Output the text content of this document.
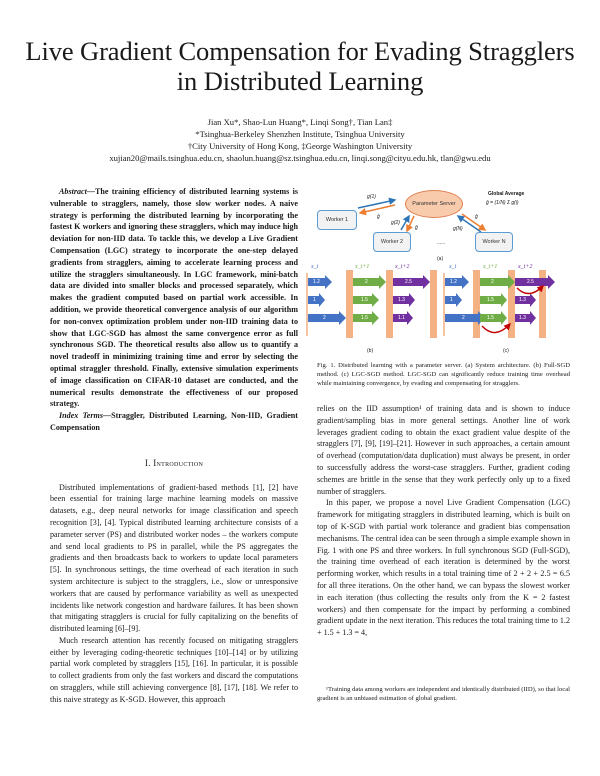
Live Gradient Compensation for Evading Stragglers
in Distributed Learning
Jian Xu*, Shao-Lun Huang*, Linqi Song†, Tian Lan‡
*Tsinghua-Berkeley Shenzhen Institute, Tsinghua University
†City University of Hong Kong, ‡George Washington University
xujian20@mails.tsinghua.edu.cn, shaolun.huang@sz.tsinghua.edu.cn, linqi.song@cityu.edu.hk, tlan@gwu.edu
Abstract—The training efficiency of distributed learning systems is vulnerable to stragglers, namely, those slow worker nodes. A naive strategy is performing the distributed learning by incorporating the fastest K workers and ignoring these stragglers, which may induce high deviation for non-IID data. To tackle this, we develop a Live Gradient Compensation (LGC) strategy to incorporate the one-step delayed gradients from stragglers, aiming to accelerate learning process and utilize the stragglers simultaneously. In LGC framework, mini-batch data are divided into smaller blocks and processed separately, which makes the gradient computed based on partial work accessible. In addition, we provide theoretical convergence analysis of our algorithm for non-convex optimization problem under non-IID training data to show that LGC-SGD has almost the same convergence error as full synchronous SGD. The theoretical results also allow us to quantify a novel tradeoff in minimizing training time and error by selecting the optimal straggler threshold. Finally, extensive simulation experiments of image classification on CIFAR-10 dataset are conducted, and the numerical results demonstrate the effectiveness of our proposed strategy.
Index Terms—Straggler, Distributed Learning, Non-IID, Gradient Compensation
I. Introduction

Distributed implementations of gradient-based methods [1], [2] have been essential for training large machine learning models on massive datasets, e.g., deep neural networks for image classification and speech recognition [3], [4]. Typical distributed learning architecture consists of a parameter server (PS) and distributed worker nodes – the workers compute and send local gradients to PS in parallel, while the PS aggregates the gradients and then broadcasts back to workers to update local parameters [5]. In synchronous settings, the time overhead of each iteration in such system architecture is subject to the stragglers, i.e., slow or unresponsive workers that are caused by performance variability as well as unexpected incidents like network congestion and hardware failures. It has been shown that mitigating stragglers is crucial for fully capitalizing on the benefits of distributed learning [6]–[9].

Much research attention has recently focused on mitigating stragglers either by leveraging coding-theoretic techniques [10]–[14] or by utilizing partial work completed by stragglers [15], [16]. In particular, it is possible to collect gradients from only the fast workers and discard the computations on stragglers, while still achieving convergence [8], [17], [18]. We refer to this naive strategy as K-SGD. However, this approach

Parameter Server
Worker 1
Worker 2	Worker N
......
Global Average
ĝ = (1/N) Σ g(i)
g(1)
ĝ
g(2)
ĝ	g(N)
ĝ
(a)
x_t	x_t+1	x_t+2
1.2
1
2
2
1.5
1.5
2.5
1.3
1.1
(b)
x_t	x_t+1	x_t+2
1.2
1
2
2
1.5
1.5
2.5
1.3
1.3
(c)
Fig. 1. Distributed learning with a parameter server. (a) System architecture. (b) Full-SGD method. (c) LGC-SGD method. LGC-SGD can significantly reduce training time overhead while maintaining convergence, by evading and compensating for stragglers.

relies on the IID assumption¹ of training data and is shown to induce gradient/sampling bias in more general settings. Another line of work leverages gradient coding to obtain the exact gradient value despite of the stragglers [7], [9], [19]–[21]. However in such approaches, a certain amount of overhead (computation/data duplication) must always be present, in order to successfully address the worst-case stragglers. Further, gradient coding schemes are brittle in the sense that they work perfectly only up to a fixed number of stragglers.

In this paper, we propose a novel Live Gradient Compensation (LGC) framework for mitigating stragglers in distributed learning, which is built on top of K-SGD with partial work tolerance and gradient bias compensation mechanisms. The central idea can be seen through a simple example shown in Fig. 1 with one PS and three workers. In full synchronous SGD (Full-SGD), the training time overhead of each iteration is determined by the worst performing worker, which results in a total training time of 2 + 2 + 2.5 = 6.5 for all three iterations. On the other hand, we can bypass the slowest worker in each iteration (thus collecting the results only from the K = 2 fastest workers) and then compensate for the impact by performing a combined gradient update in the next iteration. This reduces the total training time to 1.2 + 1.5 + 1.3 = 4,

¹Training data among workers are independent and identically distributed (IID), so that local gradient is an unbiased estimation of global gradient.
